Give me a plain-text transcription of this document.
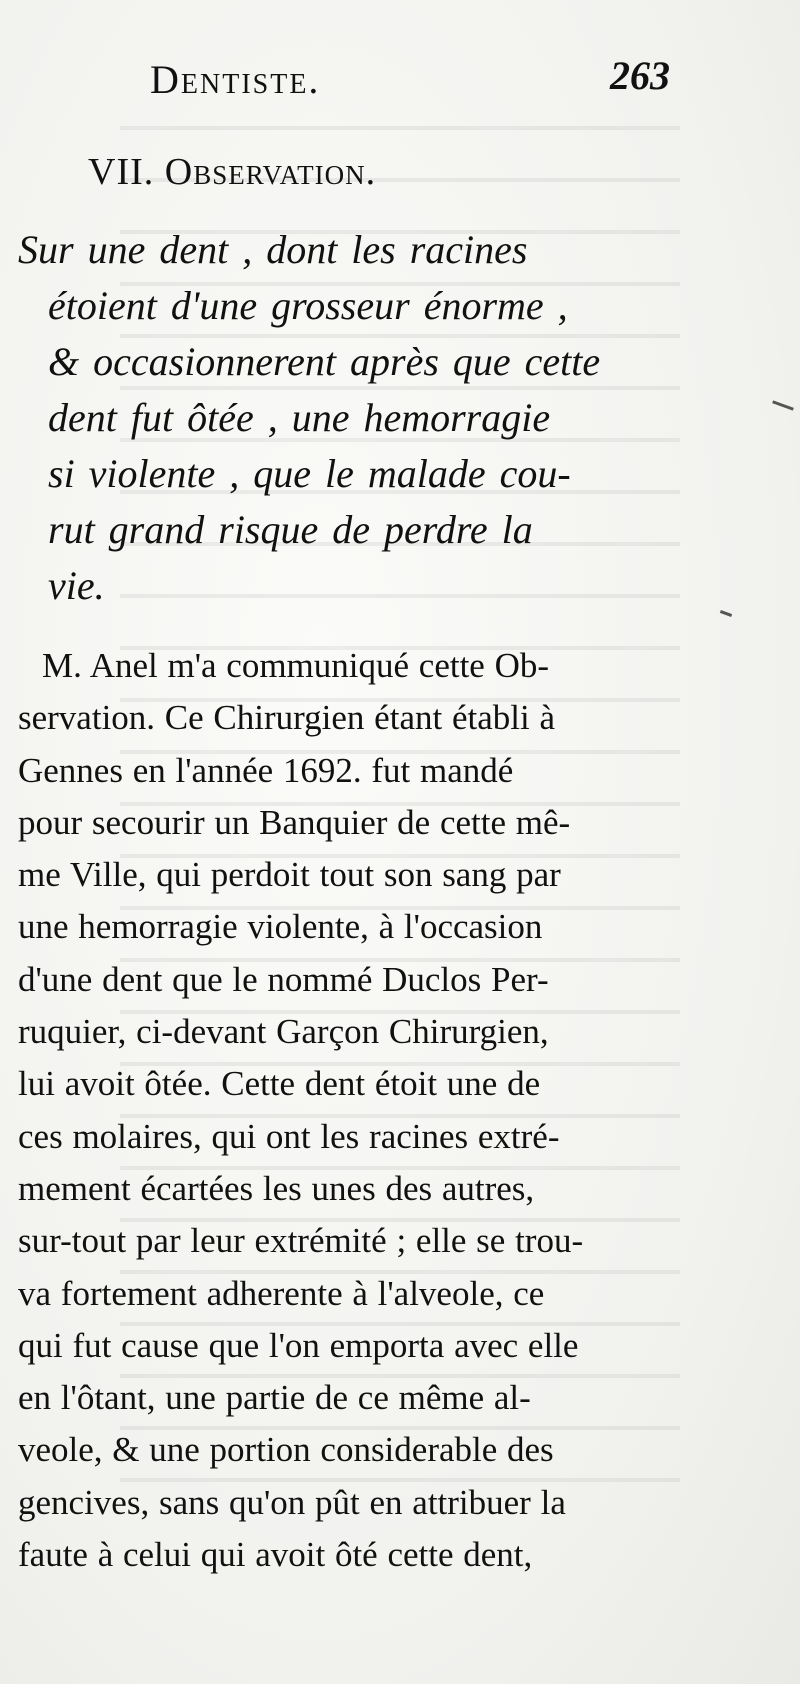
Dentiste.	263
VII. Observation.
Sur une dent , dont les racines
étoient d'une grosseur énorme ,
& occasionnerent après que cette
dent fut ôtée , une hemorragie
si violente , que le malade cou-
rut grand risque de perdre la
vie.
M. Anel m'a communiqué cette Ob-
servation. Ce Chirurgien étant établi à
Gennes en l'année 1692. fut mandé
pour secourir un Banquier de cette mê-
me Ville, qui perdoit tout son sang par
une hemorragie violente, à l'occasion
d'une dent que le nommé Duclos Per-
ruquier, ci-devant Garçon Chirurgien,
lui avoit ôtée. Cette dent étoit une de
ces molaires, qui ont les racines extré-
mement écartées les unes des autres,
sur-tout par leur extrémité ; elle se trou-
va fortement adherente à l'alveole, ce
qui fut cause que l'on emporta avec elle
en l'ôtant, une partie de ce même al-
veole, & une portion considerable des
gencives, sans qu'on pût en attribuer la
faute à celui qui avoit ôté cette dent,
